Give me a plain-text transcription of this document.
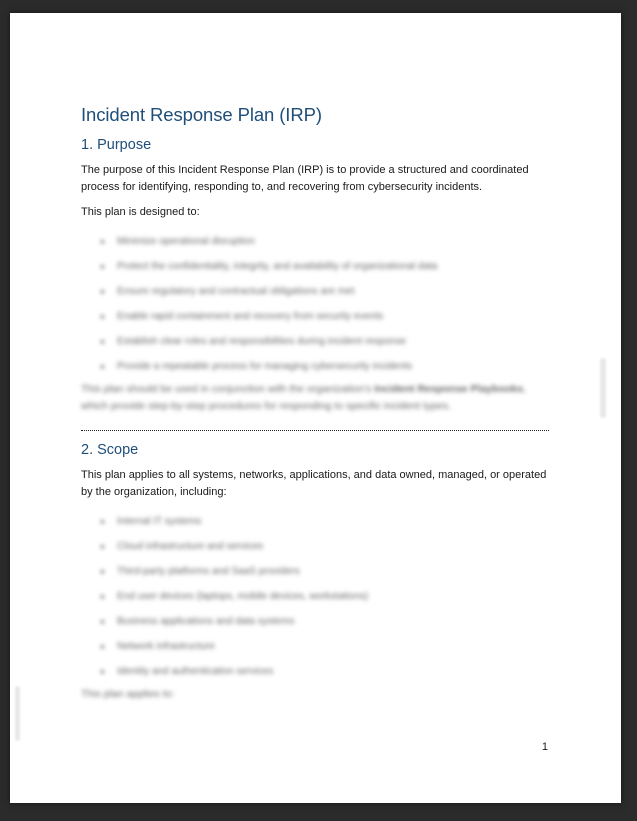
Incident Response Plan (IRP)
1. Purpose

The purpose of this Incident Response Plan (IRP) is to provide a structured and coordinated process for identifying, responding to, and recovering from cybersecurity incidents.

This plan is designed to:

● Minimize operational disruption
● Protect the confidentiality, integrity, and availability of organizational data
● Ensure regulatory and contractual obligations are met
● Enable rapid containment and recovery from security events
● Establish clear roles and responsibilities during incident response
● Provide a repeatable process for managing cybersecurity incidents

This plan should be used in conjunction with the organization's Incident Response Playbooks, which provide step-by-step procedures for responding to specific incident types.

2. Scope

This plan applies to all systems, networks, applications, and data owned, managed, or operated by the organization, including:

● Internal IT systems
● Cloud infrastructure and services
● Third-party platforms and SaaS providers
● End user devices (laptops, mobile devices, workstations)
● Business applications and data systems
● Network infrastructure
● Identity and authentication services

This plan applies to:

1
